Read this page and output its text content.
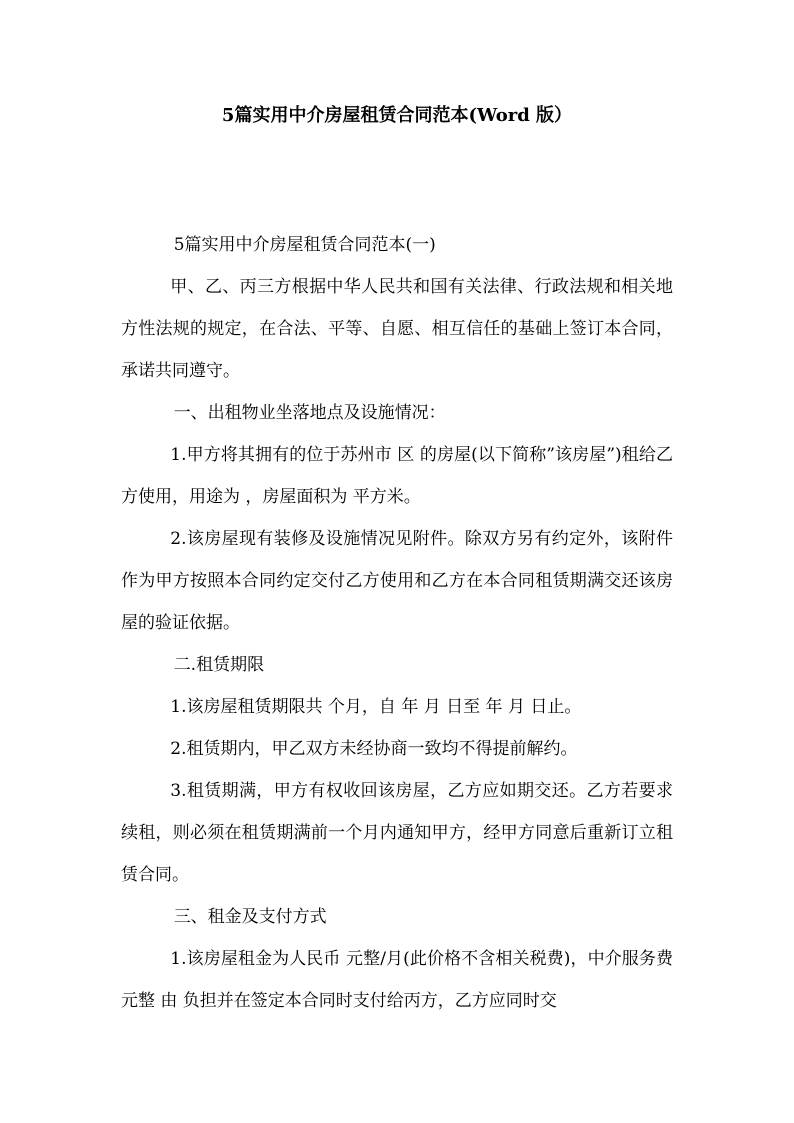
5篇实用中介房屋租赁合同范本(Word 版）

5篇实用中介房屋租赁合同范本(一)

甲、乙、丙三方根据中华人民共和国有关法律、行政法规和相关地方性法规的规定，在合法、平等、自愿、相互信任的基础上签订本合同，承诺共同遵守。

一、出租物业坐落地点及设施情况：

1.甲方将其拥有的位于苏州市 区 的房屋(以下简称”该房屋”)租给乙方使用，用途为 ，房屋面积为 平方米。

2.该房屋现有装修及设施情况见附件。除双方另有约定外，该附件作为甲方按照本合同约定交付乙方使用和乙方在本合同租赁期满交还该房屋的验证依据。

二.租赁期限

1.该房屋租赁期限共 个月，自 年 月 日至 年 月 日止。

2.租赁期内，甲乙双方未经协商一致均不得提前解约。

3.租赁期满，甲方有权收回该房屋，乙方应如期交还。乙方若要求续租，则必须在租赁期满前一个月内通知甲方，经甲方同意后重新订立租赁合同。

三、租金及支付方式

1.该房屋租金为人民币 元整/月(此价格不含相关税费)，中介服务费 元整 由 负担并在签定本合同时支付给丙方，乙方应同时交
